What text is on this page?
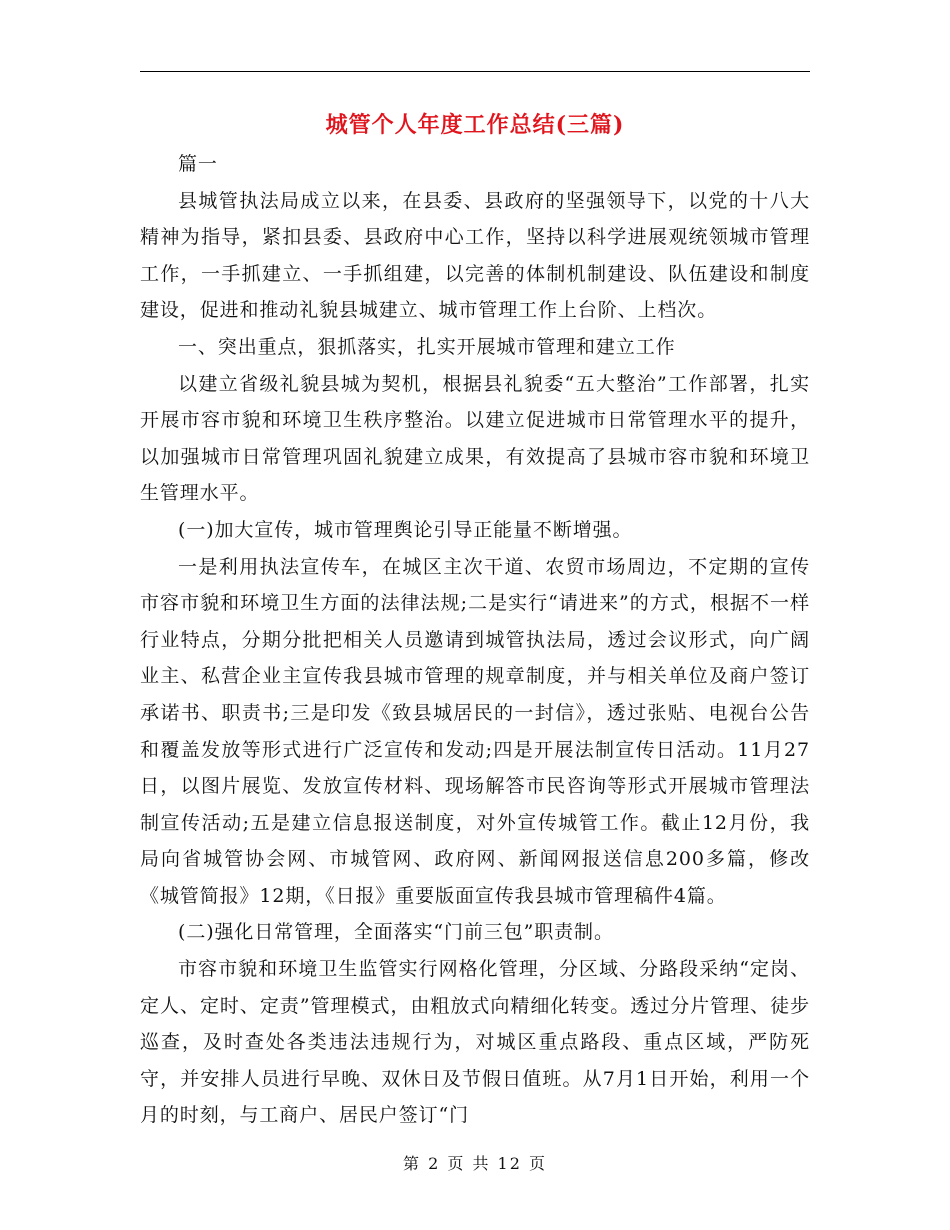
城管个人年度工作总结(三篇)

篇一

县城管执法局成立以来，在县委、县政府的坚强领导下，以党的十八大精神为指导，紧扣县委、县政府中心工作，坚持以科学进展观统领城市管理工作，一手抓建立、一手抓组建，以完善的体制机制建设、队伍建设和制度建设，促进和推动礼貌县城建立、城市管理工作上台阶、上档次。

一、突出重点，狠抓落实，扎实开展城市管理和建立工作

以建立省级礼貌县城为契机，根据县礼貌委“五大整治”工作部署，扎实开展市容市貌和环境卫生秩序整治。以建立促进城市日常管理水平的提升，以加强城市日常管理巩固礼貌建立成果，有效提高了县城市容市貌和环境卫生管理水平。

(一)加大宣传，城市管理舆论引导正能量不断增强。

一是利用执法宣传车，在城区主次干道、农贸市场周边，不定期的宣传市容市貌和环境卫生方面的法律法规;二是实行“请进来”的方式，根据不一样行业特点，分期分批把相关人员邀请到城管执法局，透过会议形式，向广阔业主、私营企业主宣传我县城市管理的规章制度，并与相关单位及商户签订承诺书、职责书;三是印发《致县城居民的一封信》，透过张贴、电视台公告和覆盖发放等形式进行广泛宣传和发动;四是开展法制宣传日活动。11月27日，以图片展览、发放宣传材料、现场解答市民咨询等形式开展城市管理法制宣传活动;五是建立信息报送制度，对外宣传城管工作。截止12月份，我局向省城管协会网、市城管网、政府网、新闻网报送信息200多篇，修改《城管简报》12期，《日报》重要版面宣传我县城市管理稿件4篇。

(二)强化日常管理，全面落实“门前三包”职责制。

市容市貌和环境卫生监管实行网格化管理，分区域、分路段采纳“定岗、定人、定时、定责”管理模式，由粗放式向精细化转变。透过分片管理、徒步巡查，及时查处各类违法违规行为，对城区重点路段、重点区域，严防死守，并安排人员进行早晚、双休日及节假日值班。从7月1日开始，利用一个月的时刻，与工商户、居民户签订“门

第 2 页 共 12 页
